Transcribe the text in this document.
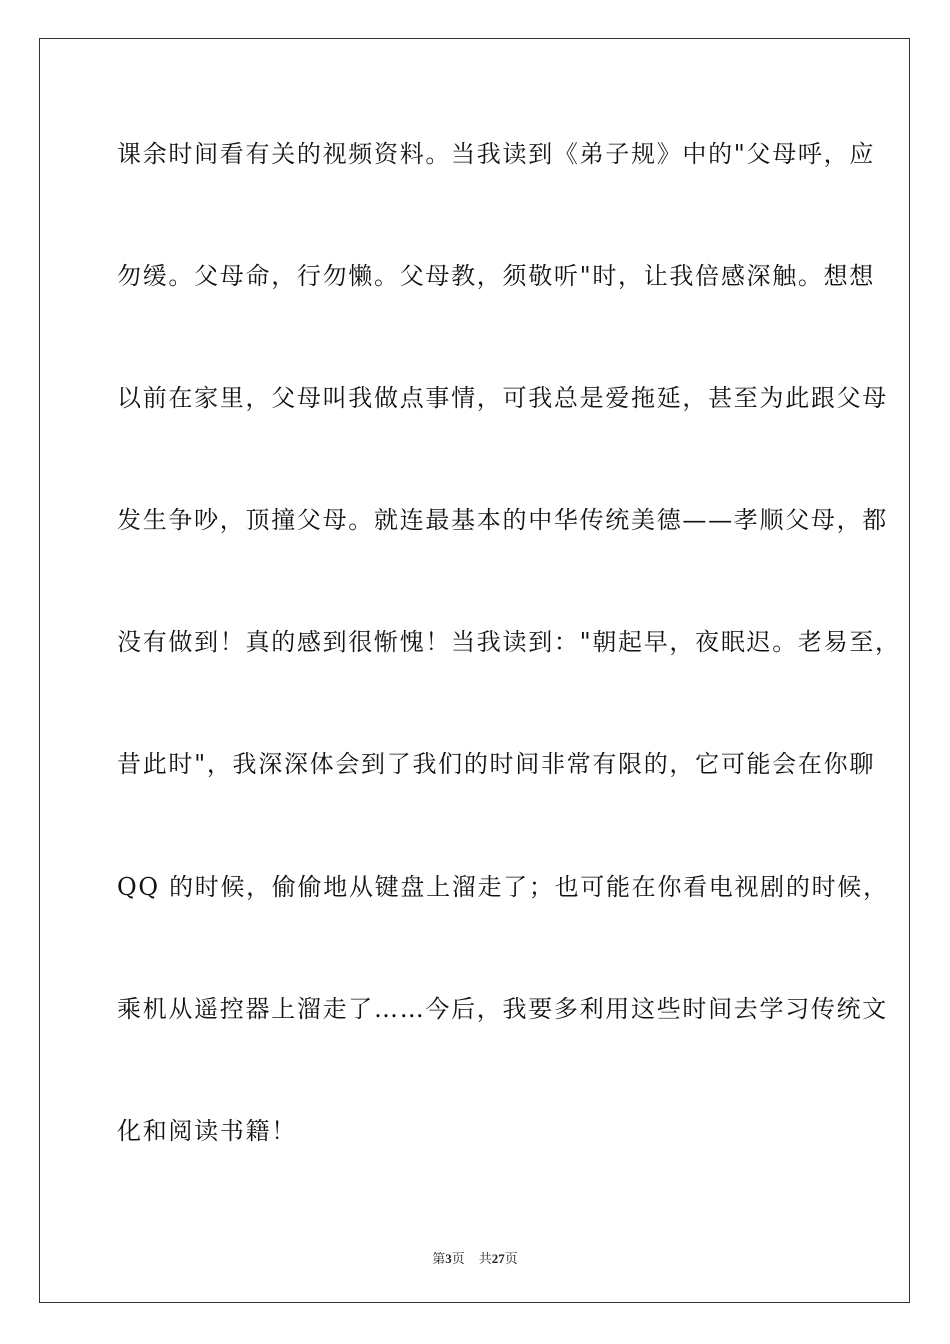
课余时间看有关的视频资料。当我读到《弟子规》中的"父母呼，应
勿缓。父母命，行勿懒。父母教，须敬听"时，让我倍感深触。想想
以前在家里，父母叫我做点事情，可我总是爱拖延，甚至为此跟父母
发生争吵，顶撞父母。就连最基本的中华传统美德——孝顺父母，都
没有做到！真的感到很惭愧！当我读到："朝起早，夜眠迟。老易至，
昔此时"，我深深体会到了我们的时间非常有限的，它可能会在你聊
QQ 的时候，偷偷地从键盘上溜走了；也可能在你看电视剧的时候，
乘机从遥控器上溜走了……今后，我要多利用这些时间去学习传统文
化和阅读书籍！
第3页 共27页
